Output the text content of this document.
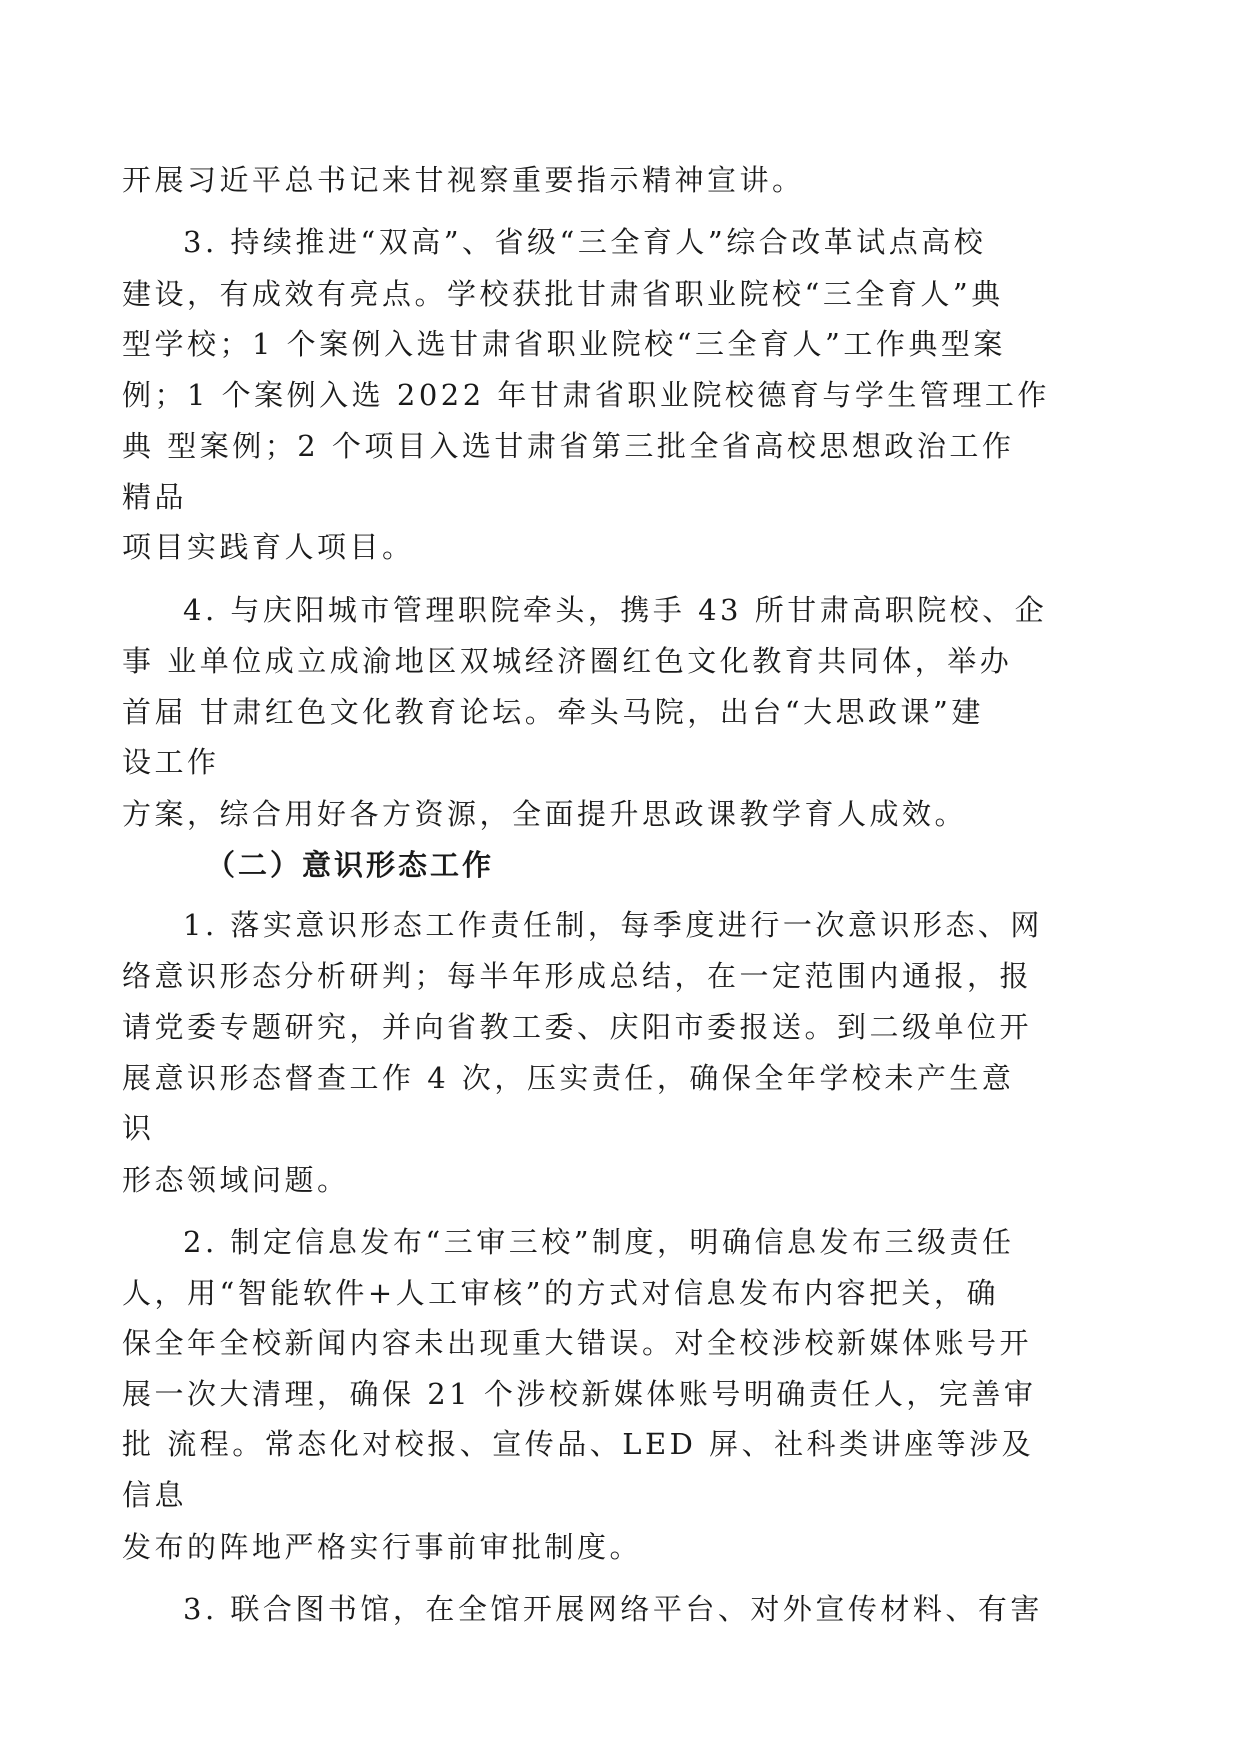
开展习近平总书记来甘视察重要指示精神宣讲。
3. 持续推进“双高”、省级“三全育人”综合改革试点高校
建设，有成效有亮点。学校获批甘肃省职业院校“三全育人”典
型学校；1 个案例入选甘肃省职业院校“三全育人”工作典型案
例；1 个案例入选 2022 年甘肃省职业院校德育与学生管理工作
典 型案例；2 个项目入选甘肃省第三批全省高校思想政治工作
精品
项目实践育人项目。
4. 与庆阳城市管理职院牵头，携手 43 所甘肃高职院校、企
事 业单位成立成渝地区双城经济圈红色文化教育共同体，举办
首届 甘肃红色文化教育论坛。牵头马院，出台“大思政课”建
设工作
方案，综合用好各方资源，全面提升思政课教学育人成效。
（二）意识形态工作
1. 落实意识形态工作责任制，每季度进行一次意识形态、网
络意识形态分析研判；每半年形成总结，在一定范围内通报，报
请党委专题研究，并向省教工委、庆阳市委报送。到二级单位开
展意识形态督查工作 4 次，压实责任，确保全年学校未产生意
识
形态领域问题。
2. 制定信息发布“三审三校”制度，明确信息发布三级责任
人，用“智能软件+人工审核”的方式对信息发布内容把关，确
保全年全校新闻内容未出现重大错误。对全校涉校新媒体账号开
展一次大清理，确保 21 个涉校新媒体账号明确责任人，完善审
批 流程。常态化对校报、宣传品、LED 屏、社科类讲座等涉及
信息
发布的阵地严格实行事前审批制度。
3. 联合图书馆，在全馆开展网络平台、对外宣传材料、有害
